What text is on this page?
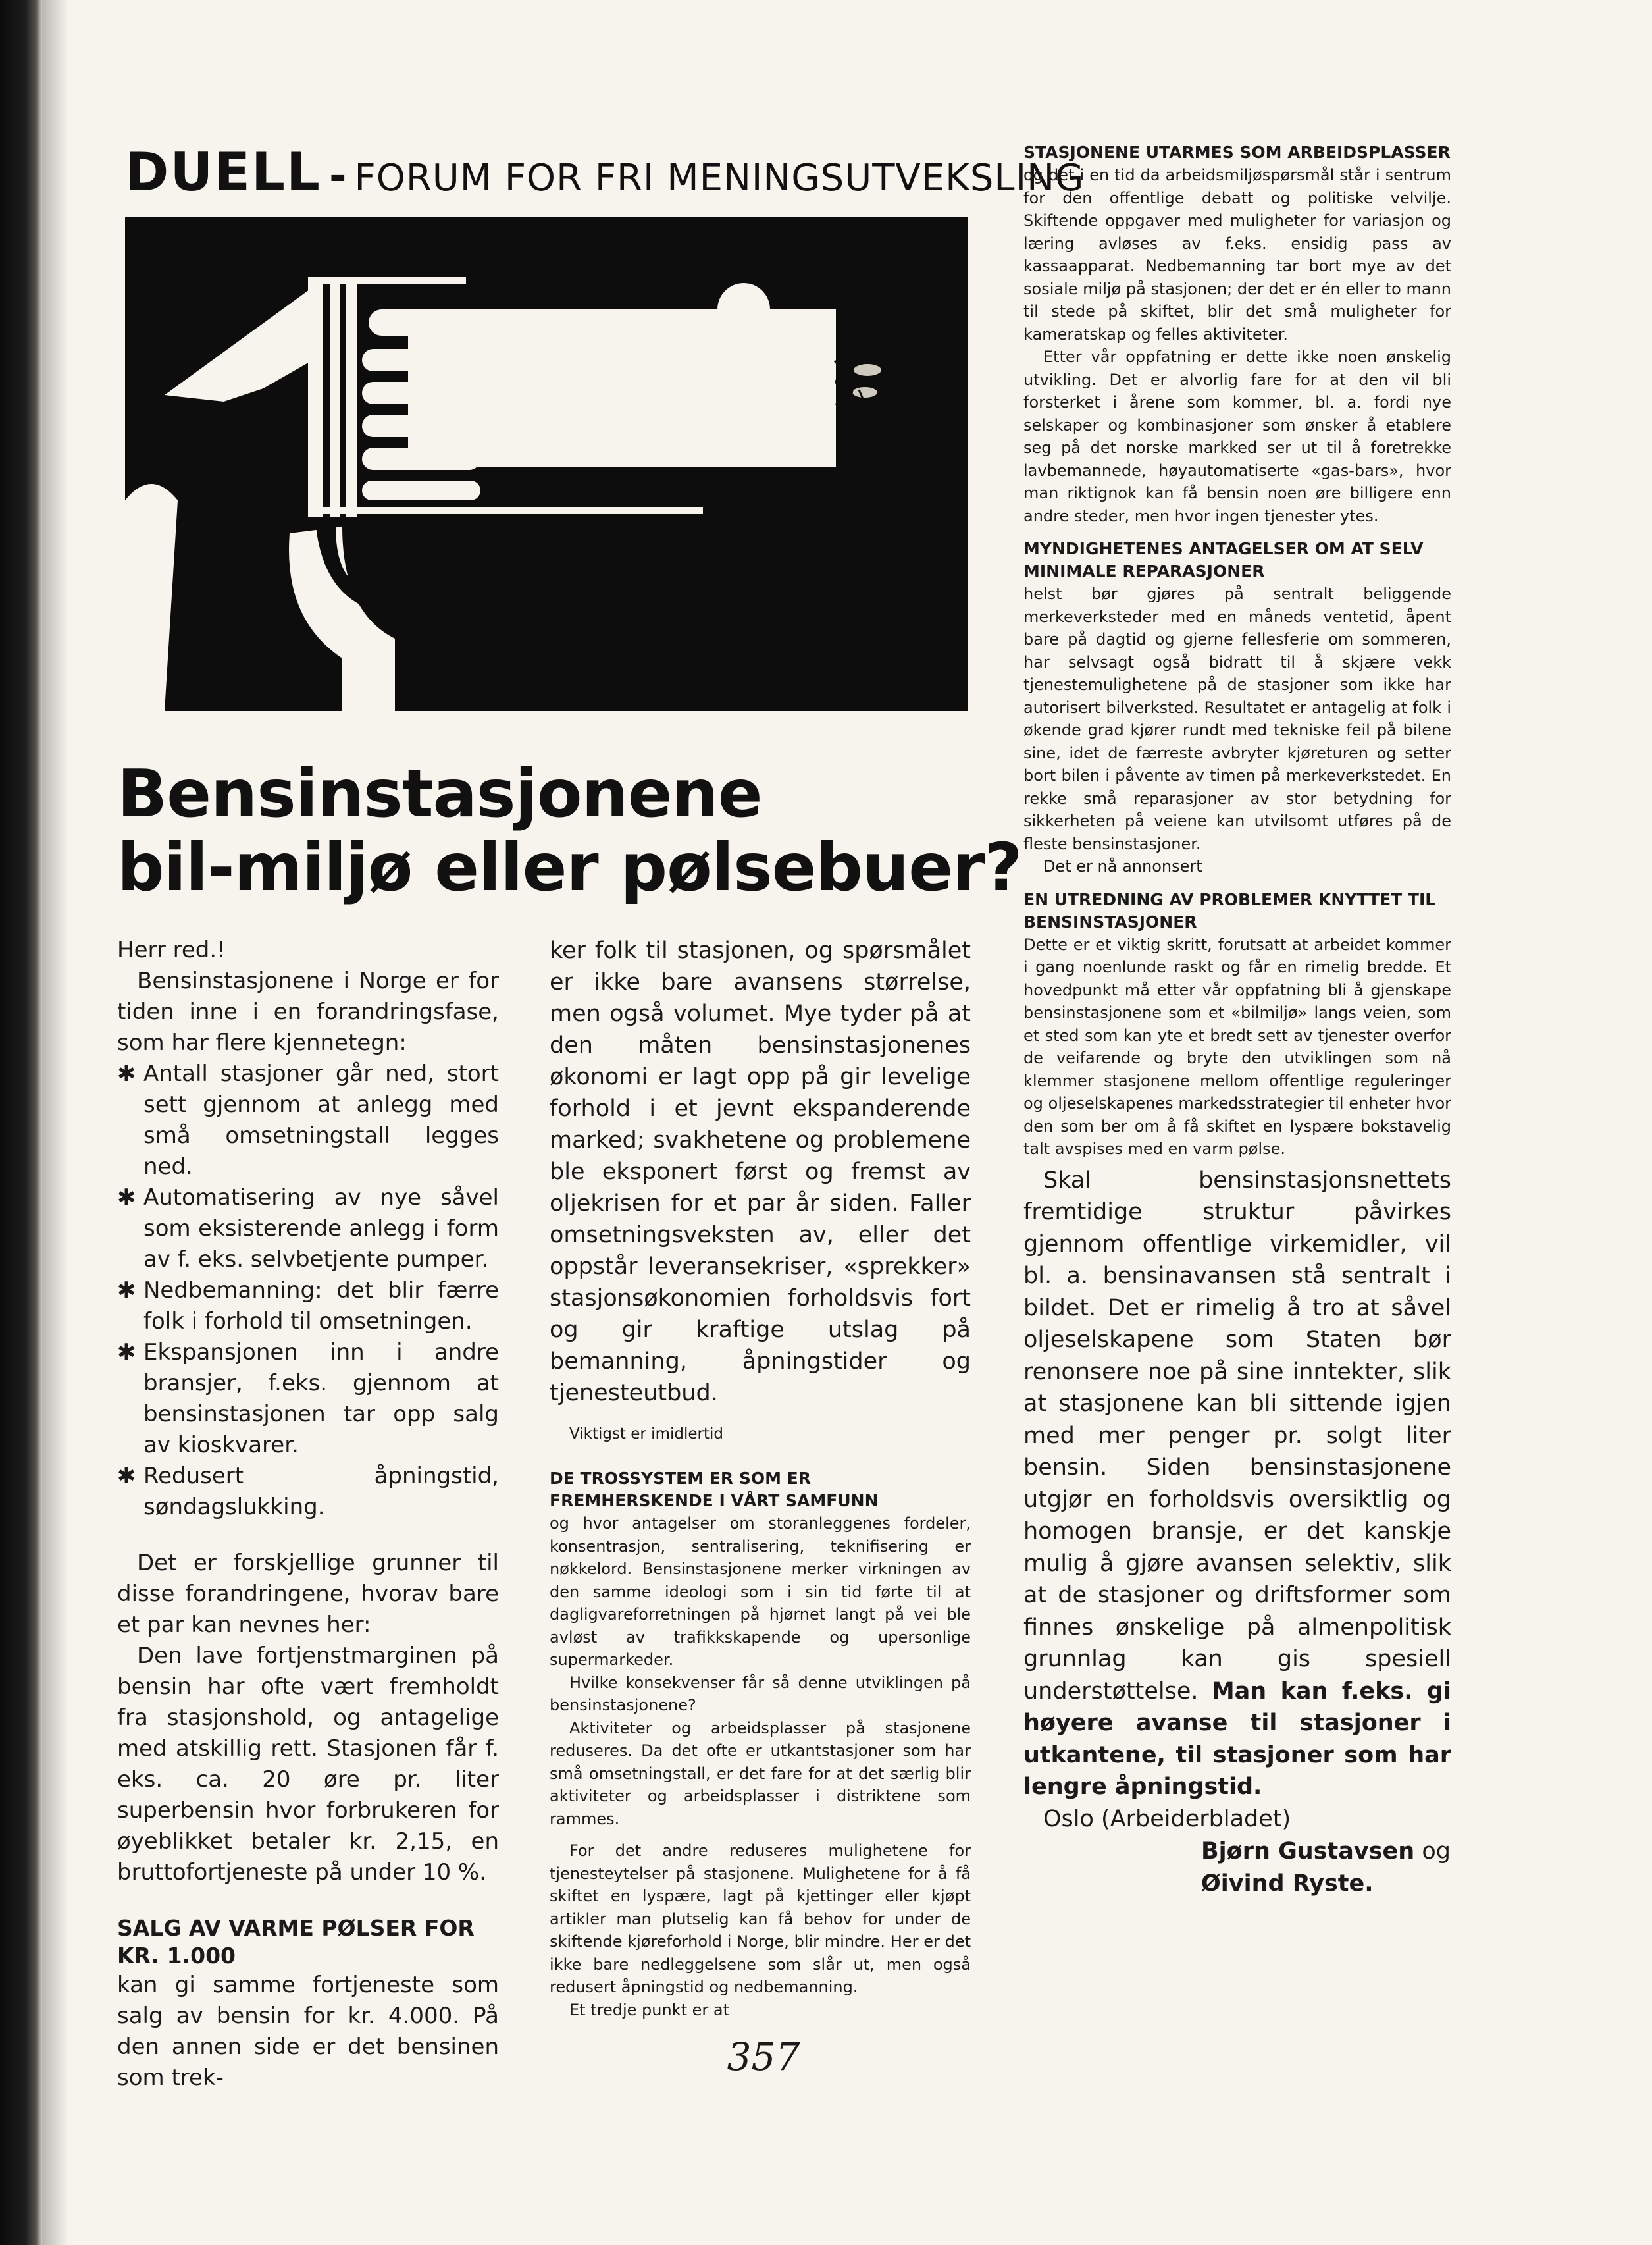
DUELL - FORUM FOR FRI MENINGSUTVEKSLING
Bensinstasjonene
bil-miljø eller pølsebuer?

Herr red.!

Bensinstasjonene i Norge er for tiden inne i en forandringsfase, som har flere kjennetegn:

✱ Antall stasjoner går ned, stort sett gjennom at anlegg med små omsetningstall legges ned.
✱ Automatisering av nye såvel som eksisterende anlegg i form av f. eks. selvbetjente pumper.
✱ Nedbemanning: det blir færre folk i forhold til omsetningen.
✱ Ekspansjonen inn i andre bransjer, f.eks. gjennom at bensinstasjonen tar opp salg av kioskvarer.
✱ Redusert åpningstid, søndagslukking.

Det er forskjellige grunner til disse forandringene, hvorav bare et par kan nevnes her:

Den lave fortjenstmarginen på bensin har ofte vært fremholdt fra stasjonshold, og antagelige med atskillig rett. Stasjonen får f. eks. ca. 20 øre pr. liter superbensin hvor forbrukeren for øyeblikket betaler kr. 2,15, en bruttofortjeneste på under 10 %.

SALG AV VARME PØLSER FOR KR. 1.000

kan gi samme fortjeneste som salg av bensin for kr. 4.000. På den annen side er det bensinen som trek-

ker folk til stasjonen, og spørsmålet er ikke bare avansens størrelse, men også volumet. Mye tyder på at den måten bensinstasjonenes økonomi er lagt opp på gir levelige forhold i et jevnt ekspanderende marked; svakhetene og problemene ble eksponert først og fremst av oljekrisen for et par år siden. Faller omsetningsveksten av, eller det oppstår leveransekriser, «sprekker» stasjonsøkonomien forholdsvis fort og gir kraftige utslag på bemanning, åpningstider og tjenesteutbud.

Viktigst er imidlertid

DE TROSSYSTEM ER SOM ER FREMHERSKENDE I VÅRT SAMFUNN

og hvor antagelser om storanleggenes fordeler, konsentrasjon, sentralisering, teknifisering er nøkkelord. Bensinstasjonene merker virkningen av den samme ideologi som i sin tid førte til at dagligvareforretningen på hjørnet langt på vei ble avløst av trafikkskapende og upersonlige supermarkeder.

Hvilke konsekvenser får så denne utviklingen på bensinstasjonene?

Aktiviteter og arbeidsplasser på stasjonene reduseres. Da det ofte er utkantstasjoner som har små omsetningstall, er det fare for at det særlig blir aktiviteter og arbeidsplasser i distriktene som rammes.

For det andre reduseres mulighetene for tjenesteytelser på stasjonene. Mulighetene for å få skiftet en lyspære, lagt på kjettinger eller kjøpt artikler man plutselig kan få behov for under de skiftende kjøreforhold i Norge, blir mindre. Her er det ikke bare nedleggelsene som slår ut, men også redusert åpningstid og nedbemanning.

Et tredje punkt er at

STASJONENE UTARMES SOM ARBEIDSPLASSER

og det i en tid da arbeidsmiljøspørsmål står i sentrum for den offentlige debatt og politiske velvilje. Skiftende oppgaver med muligheter for variasjon og læring avløses av f.eks. ensidig pass av kassaapparat. Nedbemanning tar bort mye av det sosiale miljø på stasjonen; der det er én eller to mann til stede på skiftet, blir det små muligheter for kameratskap og felles aktiviteter.

Etter vår oppfatning er dette ikke noen ønskelig utvikling. Det er alvorlig fare for at den vil bli forsterket i årene som kommer, bl. a. fordi nye selskaper og kombinasjoner som ønsker å etablere seg på det norske markked ser ut til å foretrekke lavbemannede, høyautomatiserte «gas-bars», hvor man riktignok kan få bensin noen øre billigere enn andre steder, men hvor ingen tjenester ytes.

MYNDIGHETENES ANTAGELSER OM AT SELV MINIMALE REPARASJONER

helst bør gjøres på sentralt beliggende merkeverksteder med en måneds ventetid, åpent bare på dagtid og gjerne fellesferie om sommeren, har selvsagt også bidratt til å skjære vekk tjenestemulighetene på de stasjoner som ikke har autorisert bilverksted. Resultatet er antagelig at folk i økende grad kjører rundt med tekniske feil på bilene sine, idet de færreste avbryter kjøreturen og setter bort bilen i påvente av timen på merkeverkstedet. En rekke små reparasjoner av stor betydning for sikkerheten på veiene kan utvilsomt utføres på de fleste bensinstasjoner.

Det er nå annonsert

EN UTREDNING AV PROBLEMER KNYTTET TIL BENSINSTASJONER

Dette er et viktig skritt, forutsatt at arbeidet kommer i gang noenlunde raskt og får en rimelig bredde. Et hovedpunkt må etter vår oppfatning bli å gjenskape bensinstasjonene som et «bilmiljø» langs veien, som et sted som kan yte et bredt sett av tjenester overfor de veifarende og bryte den utviklingen som nå klemmer stasjonene mellom offentlige reguleringer og oljeselskapenes markedsstrategier til enheter hvor den som ber om å få skiftet en lyspære bokstavelig talt avspises med en varm pølse.

Skal bensinstasjonsnettets fremtidige struktur påvirkes gjennom offentlige virkemidler, vil bl. a. bensinavansen stå sentralt i bildet. Det er rimelig å tro at såvel oljeselskapene som Staten bør renonsere noe på sine inntekter, slik at stasjonene kan bli sittende igjen med mer penger pr. solgt liter bensin. Siden bensinstasjonene utgjør en forholdsvis oversiktlig og homogen bransje, er det kanskje mulig å gjøre avansen selektiv, slik at de stasjoner og driftsformer som finnes ønskelige på almenpolitisk grunnlag kan gis spesiell understøttelse. Man kan f.eks. gi høyere avanse til stasjoner i utkantene, til stasjoner som har lengre åpningstid.

Oslo (Arbeiderbladet)

Bjørn Gustavsen og

Øivind Ryste.

357
